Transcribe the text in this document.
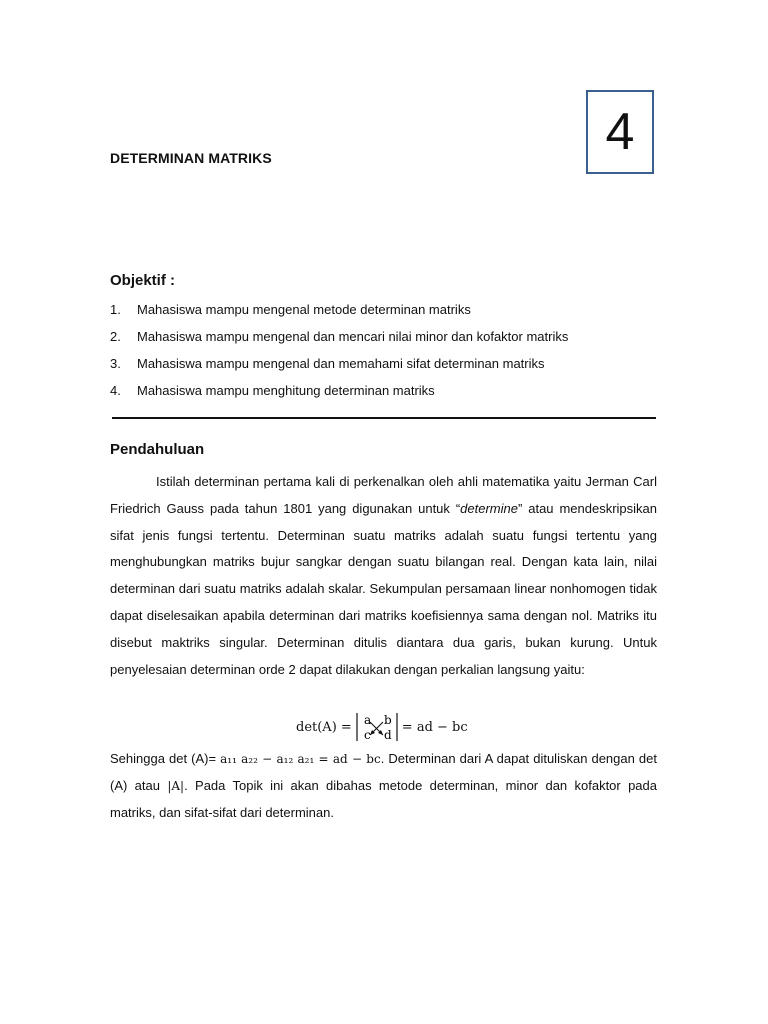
4
DETERMINAN MATRIKS
Objektif :
1.	Mahasiswa mampu mengenal metode determinan matriks
2.	Mahasiswa mampu mengenal dan mencari nilai minor dan kofaktor matriks
3.	Mahasiswa mampu mengenal dan memahami sifat determinan matriks
4.	Mahasiswa mampu menghitung determinan matriks
Pendahuluan

Istilah determinan pertama kali di perkenalkan oleh ahli matematika yaitu Jerman Carl Friedrich Gauss pada tahun 1801 yang digunakan untuk “determine” atau mendeskripsikan sifat jenis fungsi tertentu. Determinan suatu matriks adalah suatu fungsi tertentu yang menghubungkan matriks bujur sangkar dengan suatu bilangan real. Dengan kata lain, nilai determinan dari suatu matriks adalah skalar. Sekumpulan persamaan linear nonhomogen tidak dapat diselesaikan apabila determinan dari matriks koefisiennya sama dengan nol. Matriks itu disebut maktriks singular. Determinan ditulis diantara dua garis, bukan kurung. Untuk penyelesaian determinan orde 2 dapat dilakukan dengan perkalian langsung yaitu:

det(A) = a b
c d
= ad − bc

Sehingga det (A)= a₁₁ a₂₂ − a₁₂ a₂₁ = ad − bc. Determinan dari A dapat dituliskan dengan det (A) atau |A|. Pada Topik ini akan dibahas metode determinan, minor dan kofaktor pada matriks, dan sifat-sifat dari determinan.
